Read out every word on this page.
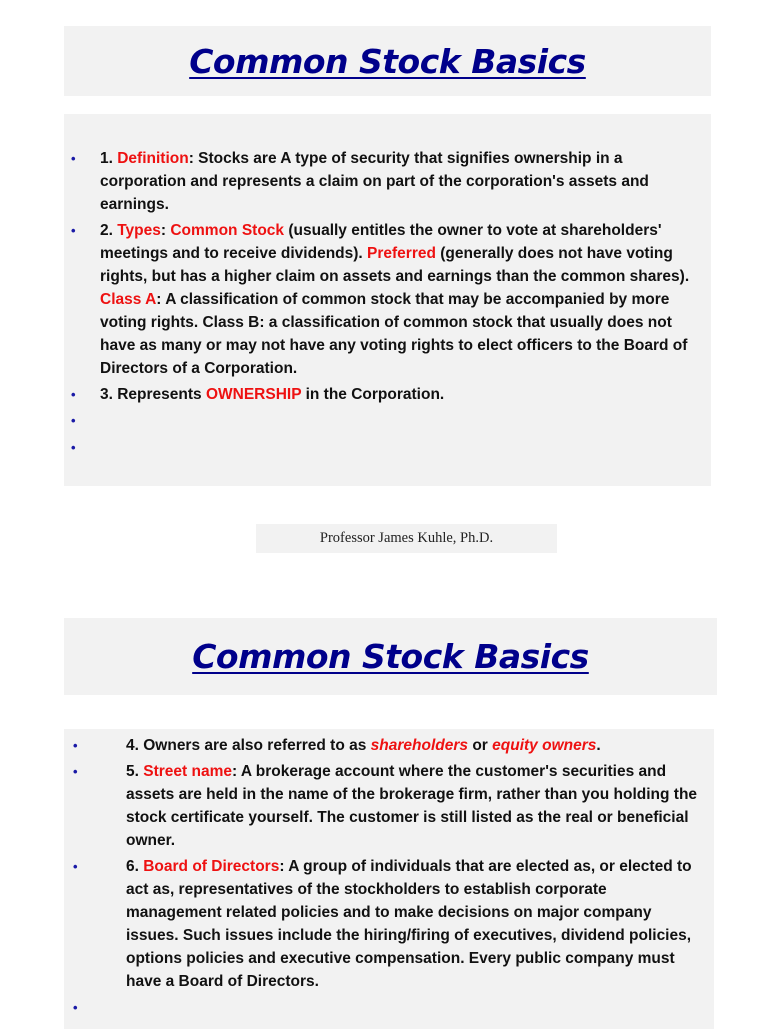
Common Stock Basics
• 1. Definition: Stocks are A type of security that signifies ownership in a corporation and represents a claim on part of the corporation's assets and earnings.
• 2. Types: Common Stock (usually entitles the owner to vote at shareholders' meetings and to receive dividends). Preferred (generally does not have voting rights, but has a higher claim on assets and earnings than the common shares). Class A: A classification of common stock that may be accompanied by more voting rights. Class B: a classification of common stock that usually does not have as many or may not have any voting rights to elect officers to the Board of Directors of a Corporation.
• 3. Represents OWNERSHIP in the Corporation.
•
•
Professor James Kuhle, Ph.D.
Common Stock Basics
•	4. Owners are also referred to as shareholders or equity owners.
•	5. Street name: A brokerage account where the customer's securities and assets are held in the name of the brokerage firm, rather than you holding the stock certificate yourself. The customer is still listed as the real or beneficial owner.
•	6. Board of Directors: A group of individuals that are elected as, or elected to act as, representatives of the stockholders to establish corporate management related policies and to make decisions on major company issues. Such issues include the hiring/firing of executives, dividend policies, options policies and executive compensation. Every public company must have a Board of Directors.
•
